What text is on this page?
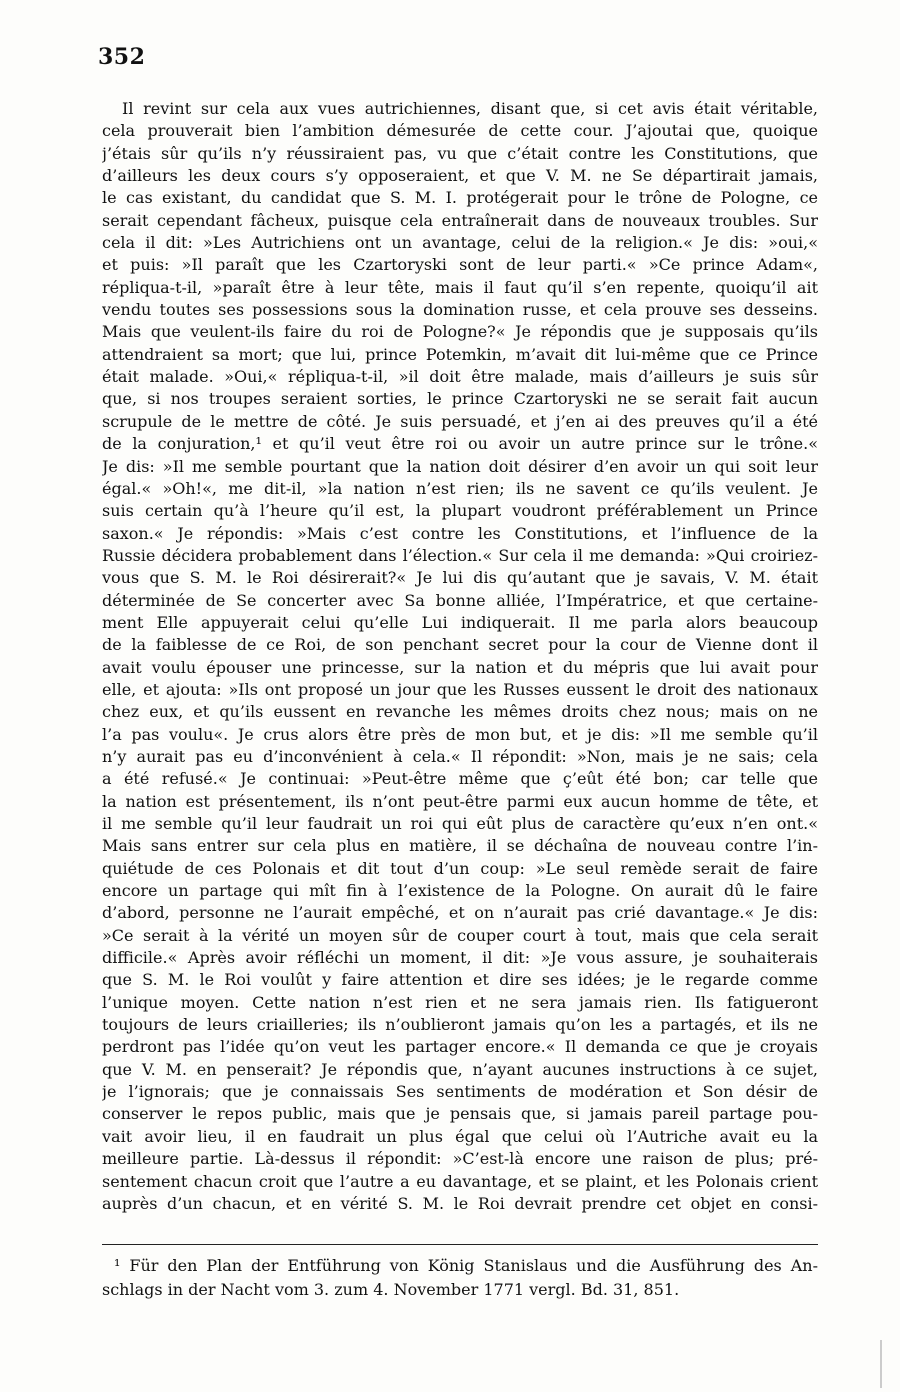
352
Il revint sur cela aux vues autrichiennes, disant que, si cet avis était véritable,
cela prouverait bien l’ambition démesurée de cette cour. J’ajoutai que, quoique
j’étais sûr qu’ils n’y réussiraient pas, vu que c’était contre les Constitutions, que
d’ailleurs les deux cours s’y opposeraient, et que V. M. ne Se départirait jamais,
le cas existant, du candidat que S. M. I. protégerait pour le trône de Pologne, ce
serait cependant fâcheux, puisque cela entraînerait dans de nouveaux troubles. Sur
cela il dit: »Les Autrichiens ont un avantage, celui de la religion.« Je dis: »oui,«
et puis: »Il paraît que les Czartoryski sont de leur parti.« »Ce prince Adam«,
répliqua-t-il, »paraît être à leur tête, mais il faut qu’il s’en repente, quoiqu’il ait
vendu toutes ses possessions sous la domination russe, et cela prouve ses desseins.
Mais que veulent-ils faire du roi de Pologne?« Je répondis que je supposais qu’ils
attendraient sa mort; que lui, prince Potemkin, m’avait dit lui-même que ce Prince
était malade. »Oui,« répliqua-t-il, »il doit être malade, mais d’ailleurs je suis sûr
que, si nos troupes seraient sorties, le prince Czartoryski ne se serait fait aucun
scrupule de le mettre de côté. Je suis persuadé, et j’en ai des preuves qu’il a été
de la conjuration,¹ et qu’il veut être roi ou avoir un autre prince sur le trône.«
Je dis: »Il me semble pourtant que la nation doit désirer d’en avoir un qui soit leur
égal.« »Oh!«, me dit-il, »la nation n’est rien; ils ne savent ce qu’ils veulent. Je
suis certain qu’à l’heure qu’il est, la plupart voudront préférablement un Prince
saxon.« Je répondis: »Mais c’est contre les Constitutions, et l’influence de la
Russie décidera probablement dans l’élection.« Sur cela il me demanda: »Qui croiriez-
vous que S. M. le Roi désirerait?« Je lui dis qu’autant que je savais, V. M. était
déterminée de Se concerter avec Sa bonne alliée, l’Impératrice, et que certaine-
ment Elle appuyerait celui qu’elle Lui indiquerait. Il me parla alors beaucoup
de la faiblesse de ce Roi, de son penchant secret pour la cour de Vienne dont il
avait voulu épouser une princesse, sur la nation et du mépris que lui avait pour
elle, et ajouta: »Ils ont proposé un jour que les Russes eussent le droit des nationaux
chez eux, et qu’ils eussent en revanche les mêmes droits chez nous; mais on ne
l’a pas voulu«. Je crus alors être près de mon but, et je dis: »Il me semble qu’il
n’y aurait pas eu d’inconvénient à cela.« Il répondit: »Non, mais je ne sais; cela
a été refusé.« Je continuai: »Peut-être même que ç’eût été bon; car telle que
la nation est présentement, ils n’ont peut-être parmi eux aucun homme de tête, et
il me semble qu’il leur faudrait un roi qui eût plus de caractère qu’eux n’en ont.«
Mais sans entrer sur cela plus en matière, il se déchaîna de nouveau contre l’in-
quiétude de ces Polonais et dit tout d’un coup: »Le seul remède serait de faire
encore un partage qui mît fin à l’existence de la Pologne. On aurait dû le faire
d’abord, personne ne l’aurait empêché, et on n’aurait pas crié davantage.« Je dis:
»Ce serait à la vérité un moyen sûr de couper court à tout, mais que cela serait
difficile.« Après avoir réfléchi un moment, il dit: »Je vous assure, je souhaiterais
que S. M. le Roi voulût y faire attention et dire ses idées; je le regarde comme
l’unique moyen. Cette nation n’est rien et ne sera jamais rien. Ils fatigueront
toujours de leurs criailleries; ils n’oublieront jamais qu’on les a partagés, et ils ne
perdront pas l’idée qu’on veut les partager encore.« Il demanda ce que je croyais
que V. M. en penserait? Je répondis que, n’ayant aucunes instructions à ce sujet,
je l’ignorais; que je connaissais Ses sentiments de modération et Son désir de
conserver le repos public, mais que je pensais que, si jamais pareil partage pou-
vait avoir lieu, il en faudrait un plus égal que celui où l’Autriche avait eu la
meilleure partie. Là-dessus il répondit: »C’est-là encore une raison de plus; pré-
sentement chacun croit que l’autre a eu davantage, et se plaint, et les Polonais crient
auprès d’un chacun, et en vérité S. M. le Roi devrait prendre cet objet en consi-
¹ Für den Plan der Entführung von König Stanislaus und die Ausführung des An-
schlags in der Nacht vom 3. zum 4. November 1771 vergl. Bd. 31, 851.
